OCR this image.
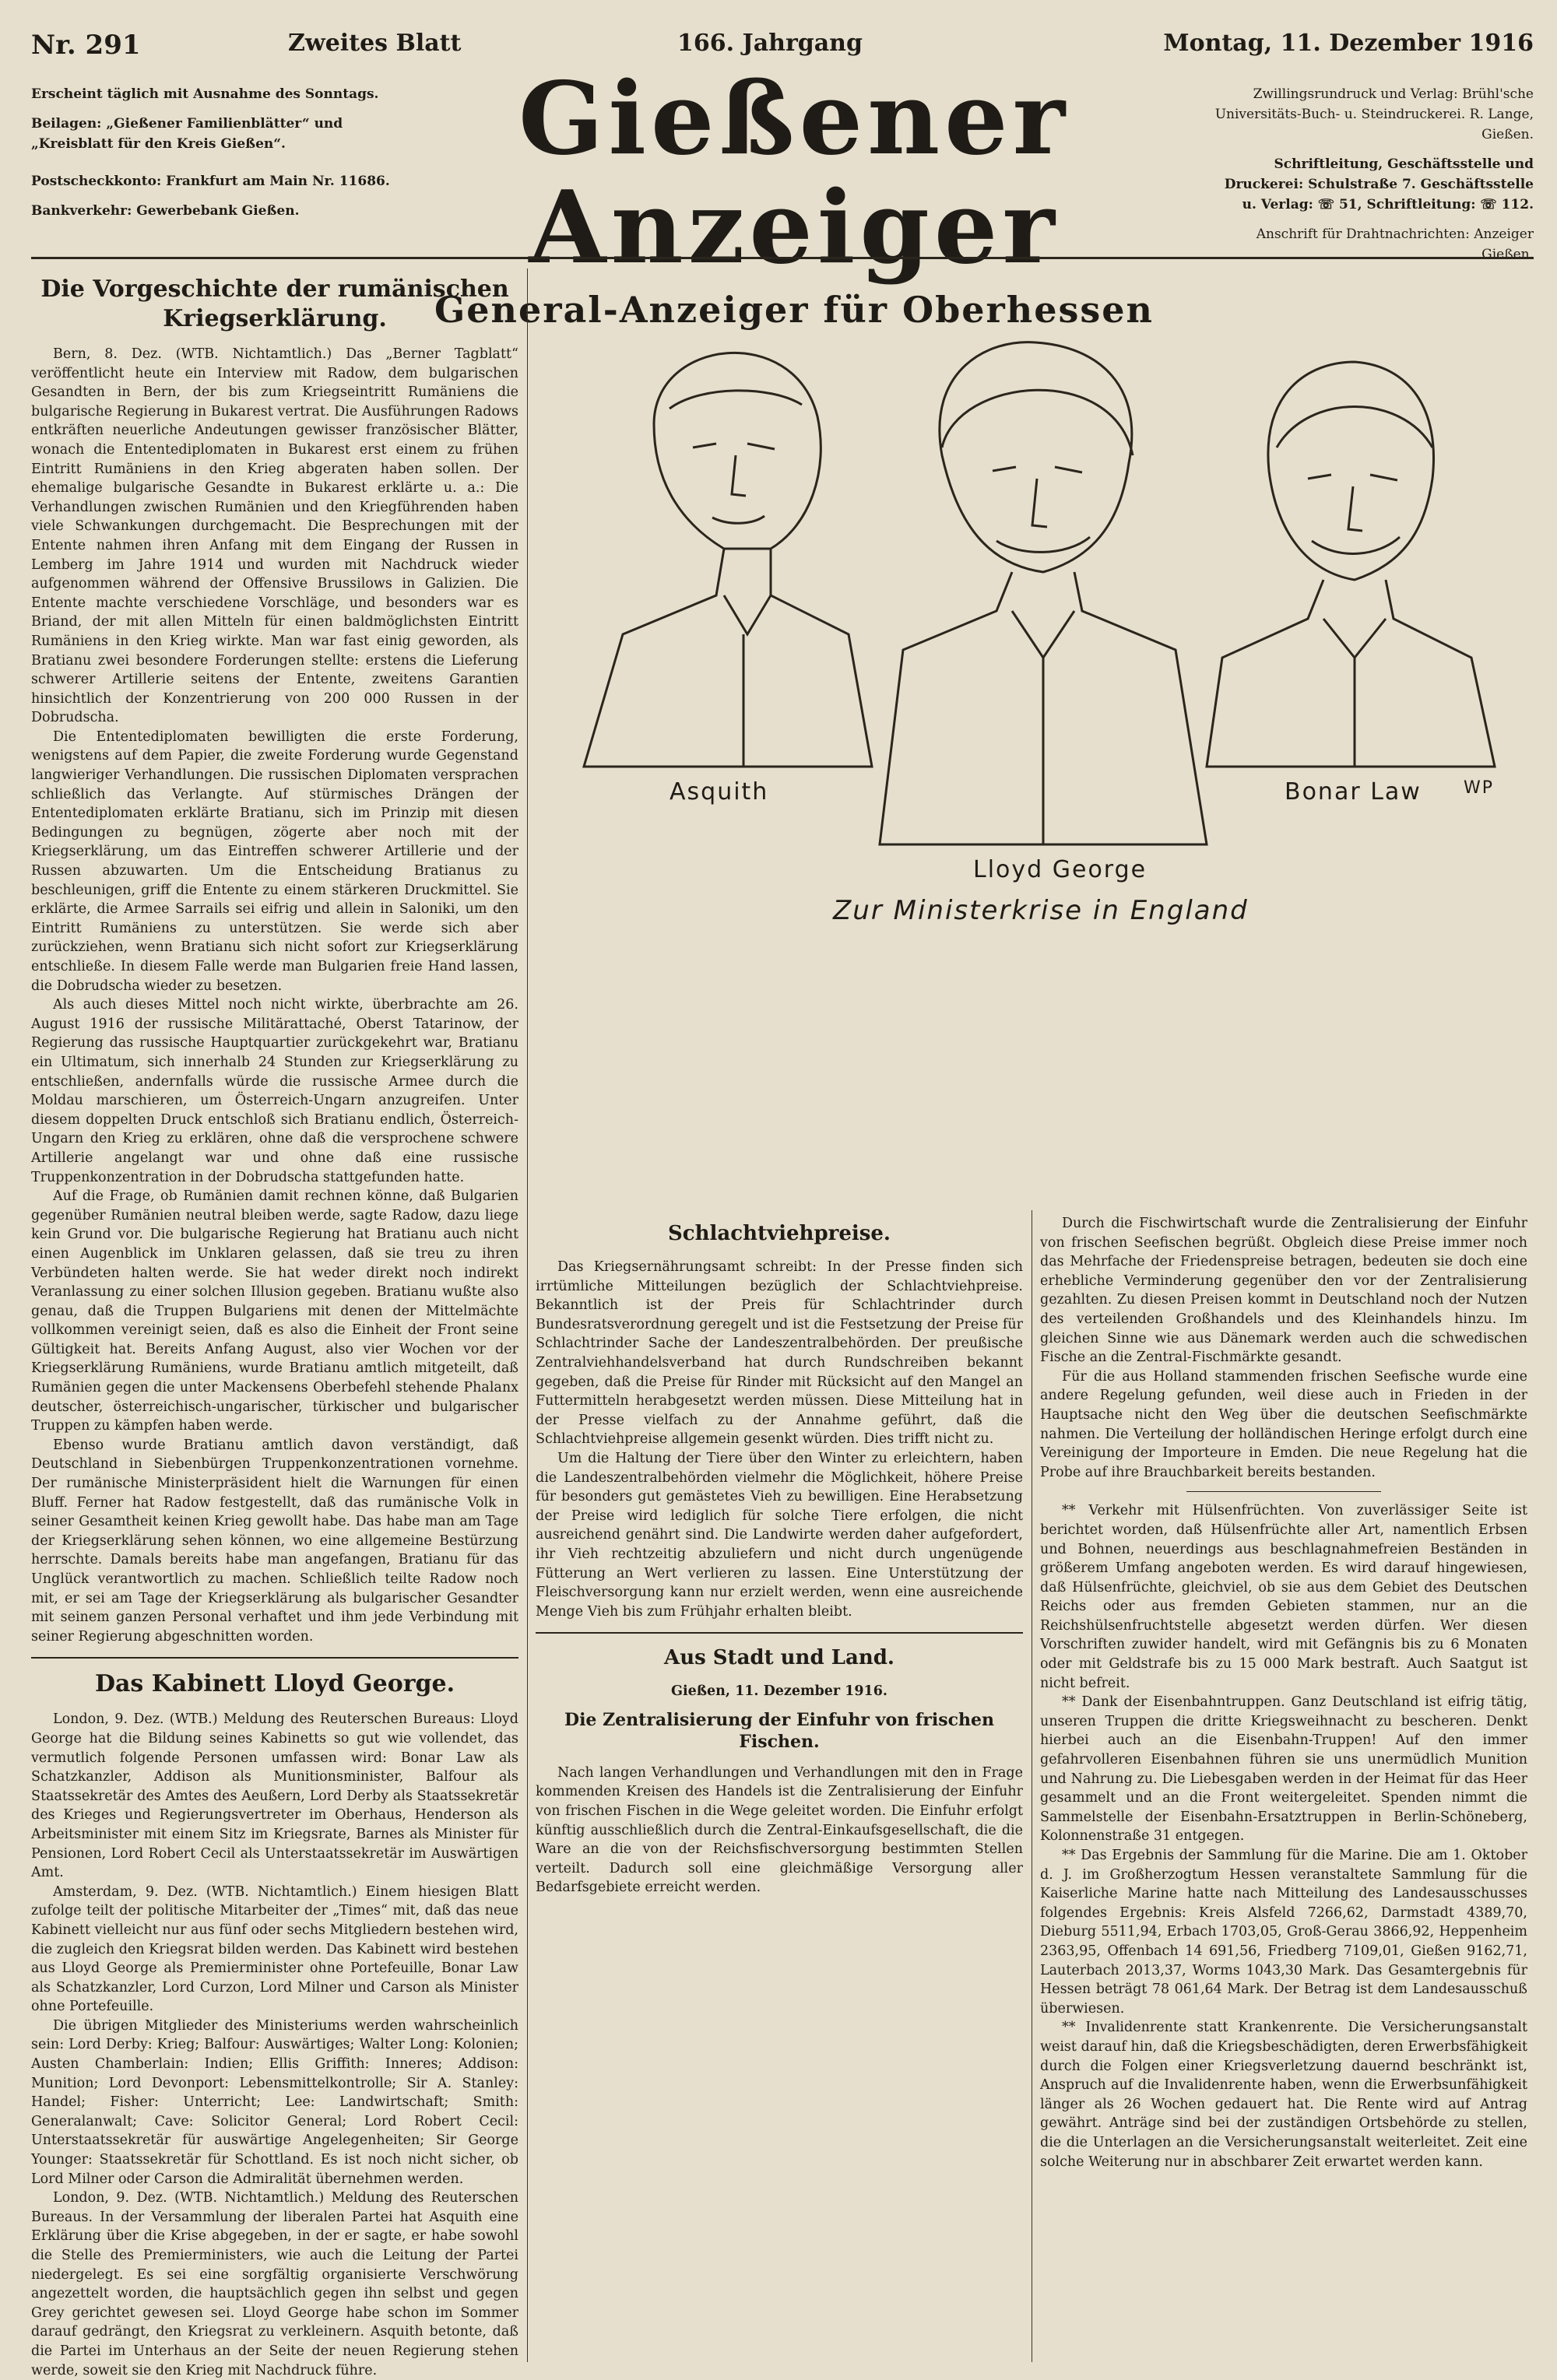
Nr. 291	Zweites Blatt	166. Jahrgang	Montag, 11. Dezember 1916

Erscheint täglich mit Ausnahme des Sonntags.

Beilagen: „Gießener Familienblätter“ und „Kreisblatt für den Kreis Gießen“.

Postscheckkonto: Frankfurt am Main Nr. 11686.

Bankverkehr: Gewerbebank Gießen.

Gießener Anzeiger
General-Anzeiger für Oberhessen

Zwillingsrundruck und Verlag: Brühl'sche Universitäts-Buch- u. Steindruckerei. R. Lange, Gießen.

Schriftleitung, Geschäftsstelle und Druckerei: Schulstraße 7. Geschäftsstelle u. Verlag: ☏ 51, Schriftleitung: ☏ 112.

Anschrift für Drahtnachrichten: Anzeiger Gießen.

Die Vorgeschichte der rumänischen Kriegserklärung.

Bern, 8. Dez. (WTB. Nichtamtlich.) Das „Berner Tagblatt“ veröffentlicht heute ein Interview mit Radow, dem bulgarischen Gesandten in Bern, der bis zum Kriegseintritt Rumäniens die bulgarische Regierung in Bukarest vertrat. Die Ausführungen Radows entkräften neuerliche Andeutungen gewisser französischer Blätter, wonach die Ententediplomaten in Bukarest erst einem zu frühen Eintritt Rumäniens in den Krieg abgeraten haben sollen. Der ehemalige bulgarische Gesandte in Bukarest erklärte u. a.: Die Verhandlungen zwischen Rumänien und den Kriegführenden haben viele Schwankungen durchgemacht. Die Besprechungen mit der Entente nahmen ihren Anfang mit dem Eingang der Russen in Lemberg im Jahre 1914 und wurden mit Nachdruck wieder aufgenommen während der Offensive Brussilows in Galizien. Die Entente machte verschiedene Vorschläge, und besonders war es Briand, der mit allen Mitteln für einen baldmöglichsten Eintritt Rumäniens in den Krieg wirkte. Man war fast einig geworden, als Bratianu zwei besondere Forderungen stellte: erstens die Lieferung schwerer Artillerie seitens der Entente, zweitens Garantien hinsichtlich der Konzentrierung von 200 000 Russen in der Dobrudscha.

Die Ententediplomaten bewilligten die erste Forderung, wenigstens auf dem Papier, die zweite Forderung wurde Gegenstand langwieriger Verhandlungen. Die russischen Diplomaten versprachen schließlich das Verlangte. Auf stürmisches Drängen der Ententediplomaten erklärte Bratianu, sich im Prinzip mit diesen Bedingungen zu begnügen, zögerte aber noch mit der Kriegserklärung, um das Eintreffen schwerer Artillerie und der Russen abzuwarten. Um die Entscheidung Bratianus zu beschleunigen, griff die Entente zu einem stärkeren Druckmittel. Sie erklärte, die Armee Sarrails sei eifrig und allein in Saloniki, um den Eintritt Rumäniens zu unterstützen. Sie werde sich aber zurückziehen, wenn Bratianu sich nicht sofort zur Kriegserklärung entschließe. In diesem Falle werde man Bulgarien freie Hand lassen, die Dobrudscha wieder zu besetzen.

Als auch dieses Mittel noch nicht wirkte, überbrachte am 26. August 1916 der russische Militärattaché, Oberst Tatarinow, der Regierung das russische Hauptquartier zurückgekehrt war, Bratianu ein Ultimatum, sich innerhalb 24 Stunden zur Kriegserklärung zu entschließen, andernfalls würde die russische Armee durch die Moldau marschieren, um Österreich-Ungarn anzugreifen. Unter diesem doppelten Druck entschloß sich Bratianu endlich, Österreich-Ungarn den Krieg zu erklären, ohne daß die versprochene schwere Artillerie angelangt war und ohne daß eine russische Truppenkonzentration in der Dobrudscha stattgefunden hatte.

Auf die Frage, ob Rumänien damit rechnen könne, daß Bulgarien gegenüber Rumänien neutral bleiben werde, sagte Radow, dazu liege kein Grund vor. Die bulgarische Regierung hat Bratianu auch nicht einen Augenblick im Unklaren gelassen, daß sie treu zu ihren Verbündeten halten werde. Sie hat weder direkt noch indirekt Veranlassung zu einer solchen Illusion gegeben. Bratianu wußte also genau, daß die Truppen Bulgariens mit denen der Mittelmächte vollkommen vereinigt seien, daß es also die Einheit der Front seine Gültigkeit hat. Bereits Anfang August, also vier Wochen vor der Kriegserklärung Rumäniens, wurde Bratianu amtlich mitgeteilt, daß Rumänien gegen die unter Mackensens Oberbefehl stehende Phalanx deutscher, österreichisch-ungarischer, türkischer und bulgarischer Truppen zu kämpfen haben werde.

Ebenso wurde Bratianu amtlich davon verständigt, daß Deutschland in Siebenbürgen Truppenkonzentrationen vornehme. Der rumänische Ministerpräsident hielt die Warnungen für einen Bluff. Ferner hat Radow festgestellt, daß das rumänische Volk in seiner Gesamtheit keinen Krieg gewollt habe. Das habe man am Tage der Kriegserklärung sehen können, wo eine allgemeine Bestürzung herrschte. Damals bereits habe man angefangen, Bratianu für das Unglück verantwortlich zu machen. Schließlich teilte Radow noch mit, er sei am Tage der Kriegserklärung als bulgarischer Gesandter mit seinem ganzen Personal verhaftet und ihm jede Verbindung mit seiner Regierung abgeschnitten worden.

Das Kabinett Lloyd George.

London, 9. Dez. (WTB.) Meldung des Reuterschen Bureaus: Lloyd George hat die Bildung seines Kabinetts so gut wie vollendet, das vermutlich folgende Personen umfassen wird: Bonar Law als Schatzkanzler, Addison als Munitionsminister, Balfour als Staatssekretär des Amtes des Aeußern, Lord Derby als Staatssekretär des Krieges und Regierungsvertreter im Oberhaus, Henderson als Arbeitsminister mit einem Sitz im Kriegsrate, Barnes als Minister für Pensionen, Lord Robert Cecil als Unterstaatssekretär im Auswärtigen Amt.

Amsterdam, 9. Dez. (WTB. Nichtamtlich.) Einem hiesigen Blatt zufolge teilt der politische Mitarbeiter der „Times“ mit, daß das neue Kabinett vielleicht nur aus fünf oder sechs Mitgliedern bestehen wird, die zugleich den Kriegsrat bilden werden. Das Kabinett wird bestehen aus Lloyd George als Premierminister ohne Portefeuille, Bonar Law als Schatzkanzler, Lord Curzon, Lord Milner und Carson als Minister ohne Portefeuille.

Die übrigen Mitglieder des Ministeriums werden wahrscheinlich sein: Lord Derby: Krieg; Balfour: Auswärtiges; Walter Long: Kolonien; Austen Chamberlain: Indien; Ellis Griffith: Inneres; Addison: Munition; Lord Devonport: Lebensmittelkontrolle; Sir A. Stanley: Handel; Fisher: Unterricht; Lee: Landwirtschaft; Smith: Generalanwalt; Cave: Solicitor General; Lord Robert Cecil: Unterstaatssekretär für auswärtige Angelegenheiten; Sir George Younger: Staatssekretär für Schottland. Es ist noch nicht sicher, ob Lord Milner oder Carson die Admiralität übernehmen werden.

London, 9. Dez. (WTB. Nichtamtlich.) Meldung des Reuterschen Bureaus. In der Versammlung der liberalen Partei hat Asquith eine Erklärung über die Krise abgegeben, in der er sagte, er habe sowohl die Stelle des Premierministers, wie auch die Leitung der Partei niedergelegt. Es sei eine sorgfältig organisierte Verschwörung angezettelt worden, die hauptsächlich gegen ihn selbst und gegen Grey gerichtet gewesen sei. Lloyd George habe schon im Sommer darauf gedrängt, den Kriegsrat zu verkleinern. Asquith betonte, daß die Partei im Unterhaus an der Seite der neuen Regierung stehen werde, soweit sie den Krieg mit Nachdruck führe.

Asquith
Lloyd George
Bonar Law WP
Zur Ministerkrise in England
Schlachtviehpreise.

Das Kriegsernährungsamt schreibt: In der Presse finden sich irrtümliche Mitteilungen bezüglich der Schlachtviehpreise. Bekanntlich ist der Preis für Schlachtrinder durch Bundesratsverordnung geregelt und ist die Festsetzung der Preise für Schlachtrinder Sache der Landeszentralbehörden. Der preußische Zentralviehhandelsverband hat durch Rundschreiben bekannt gegeben, daß die Preise für Rinder mit Rücksicht auf den Mangel an Futtermitteln herabgesetzt werden müssen. Diese Mitteilung hat in der Presse vielfach zu der Annahme geführt, daß die Schlachtviehpreise allgemein gesenkt würden. Dies trifft nicht zu.

Um die Haltung der Tiere über den Winter zu erleichtern, haben die Landeszentralbehörden vielmehr die Möglichkeit, höhere Preise für besonders gut gemästetes Vieh zu bewilligen. Eine Herabsetzung der Preise wird lediglich für solche Tiere erfolgen, die nicht ausreichend genährt sind. Die Landwirte werden daher aufgefordert, ihr Vieh rechtzeitig abzuliefern und nicht durch ungenügende Fütterung an Wert verlieren zu lassen. Eine Unterstützung der Fleischversorgung kann nur erzielt werden, wenn eine ausreichende Menge Vieh bis zum Frühjahr erhalten bleibt.

Aus Stadt und Land.
Gießen, 11. Dezember 1916.
Die Zentralisierung der Einfuhr von frischen Fischen.

Nach langen Verhandlungen und Verhandlungen mit den in Frage kommenden Kreisen des Handels ist die Zentralisierung der Einfuhr von frischen Fischen in die Wege geleitet worden. Die Einfuhr erfolgt künftig ausschließlich durch die Zentral-Einkaufsgesellschaft, die die Ware an die von der Reichsfischversorgung bestimmten Stellen verteilt. Dadurch soll eine gleichmäßige Versorgung aller Bedarfsgebiete erreicht werden.

Durch die Fischwirtschaft wurde die Zentralisierung der Einfuhr von frischen Seefischen begrüßt. Obgleich diese Preise immer noch das Mehrfache der Friedenspreise betragen, bedeuten sie doch eine erhebliche Verminderung gegenüber den vor der Zentralisierung gezahlten. Zu diesen Preisen kommt in Deutschland noch der Nutzen des verteilenden Großhandels und des Kleinhandels hinzu. Im gleichen Sinne wie aus Dänemark werden auch die schwedischen Fische an die Zentral-Fischmärkte gesandt.

Für die aus Holland stammenden frischen Seefische wurde eine andere Regelung gefunden, weil diese auch in Frieden in der Hauptsache nicht den Weg über die deutschen Seefischmärkte nahmen. Die Verteilung der holländischen Heringe erfolgt durch eine Vereinigung der Importeure in Emden. Die neue Regelung hat die Probe auf ihre Brauchbarkeit bereits bestanden.

** Verkehr mit Hülsenfrüchten. Von zuverlässiger Seite ist berichtet worden, daß Hülsenfrüchte aller Art, namentlich Erbsen und Bohnen, neuerdings aus beschlagnahmefreien Beständen in größerem Umfang angeboten werden. Es wird darauf hingewiesen, daß Hülsenfrüchte, gleichviel, ob sie aus dem Gebiet des Deutschen Reichs oder aus fremden Gebieten stammen, nur an die Reichshülsenfruchtstelle abgesetzt werden dürfen. Wer diesen Vorschriften zuwider handelt, wird mit Gefängnis bis zu 6 Monaten oder mit Geldstrafe bis zu 15 000 Mark bestraft. Auch Saatgut ist nicht befreit.

** Dank der Eisenbahntruppen. Ganz Deutschland ist eifrig tätig, unseren Truppen die dritte Kriegsweihnacht zu bescheren. Denkt hierbei auch an die Eisenbahn-Truppen! Auf den immer gefahrvolleren Eisenbahnen führen sie uns unermüdlich Munition und Nahrung zu. Die Liebesgaben werden in der Heimat für das Heer gesammelt und an die Front weitergeleitet. Spenden nimmt die Sammelstelle der Eisenbahn-Ersatztruppen in Berlin-Schöneberg, Kolonnenstraße 31 entgegen.

** Das Ergebnis der Sammlung für die Marine. Die am 1. Oktober d. J. im Großherzogtum Hessen veranstaltete Sammlung für die Kaiserliche Marine hatte nach Mitteilung des Landesausschusses folgendes Ergebnis: Kreis Alsfeld 7266,62, Darmstadt 4389,70, Dieburg 5511,94, Erbach 1703,05, Groß-Gerau 3866,92, Heppenheim 2363,95, Offenbach 14 691,56, Friedberg 7109,01, Gießen 9162,71, Lauterbach 2013,37, Worms 1043,30 Mark. Das Gesamtergebnis für Hessen beträgt 78 061,64 Mark. Der Betrag ist dem Landesausschuß überwiesen.

** Invalidenrente statt Krankenrente. Die Versicherungsanstalt weist darauf hin, daß die Kriegsbeschädigten, deren Erwerbsfähigkeit durch die Folgen einer Kriegsverletzung dauernd beschränkt ist, Anspruch auf die Invalidenrente haben, wenn die Erwerbsunfähigkeit länger als 26 Wochen gedauert hat. Die Rente wird auf Antrag gewährt. Anträge sind bei der zuständigen Ortsbehörde zu stellen, die die Unterlagen an die Versicherungsanstalt weiterleitet. Zeit eine solche Weiterung nur in abschbarer Zeit erwartet werden kann.
